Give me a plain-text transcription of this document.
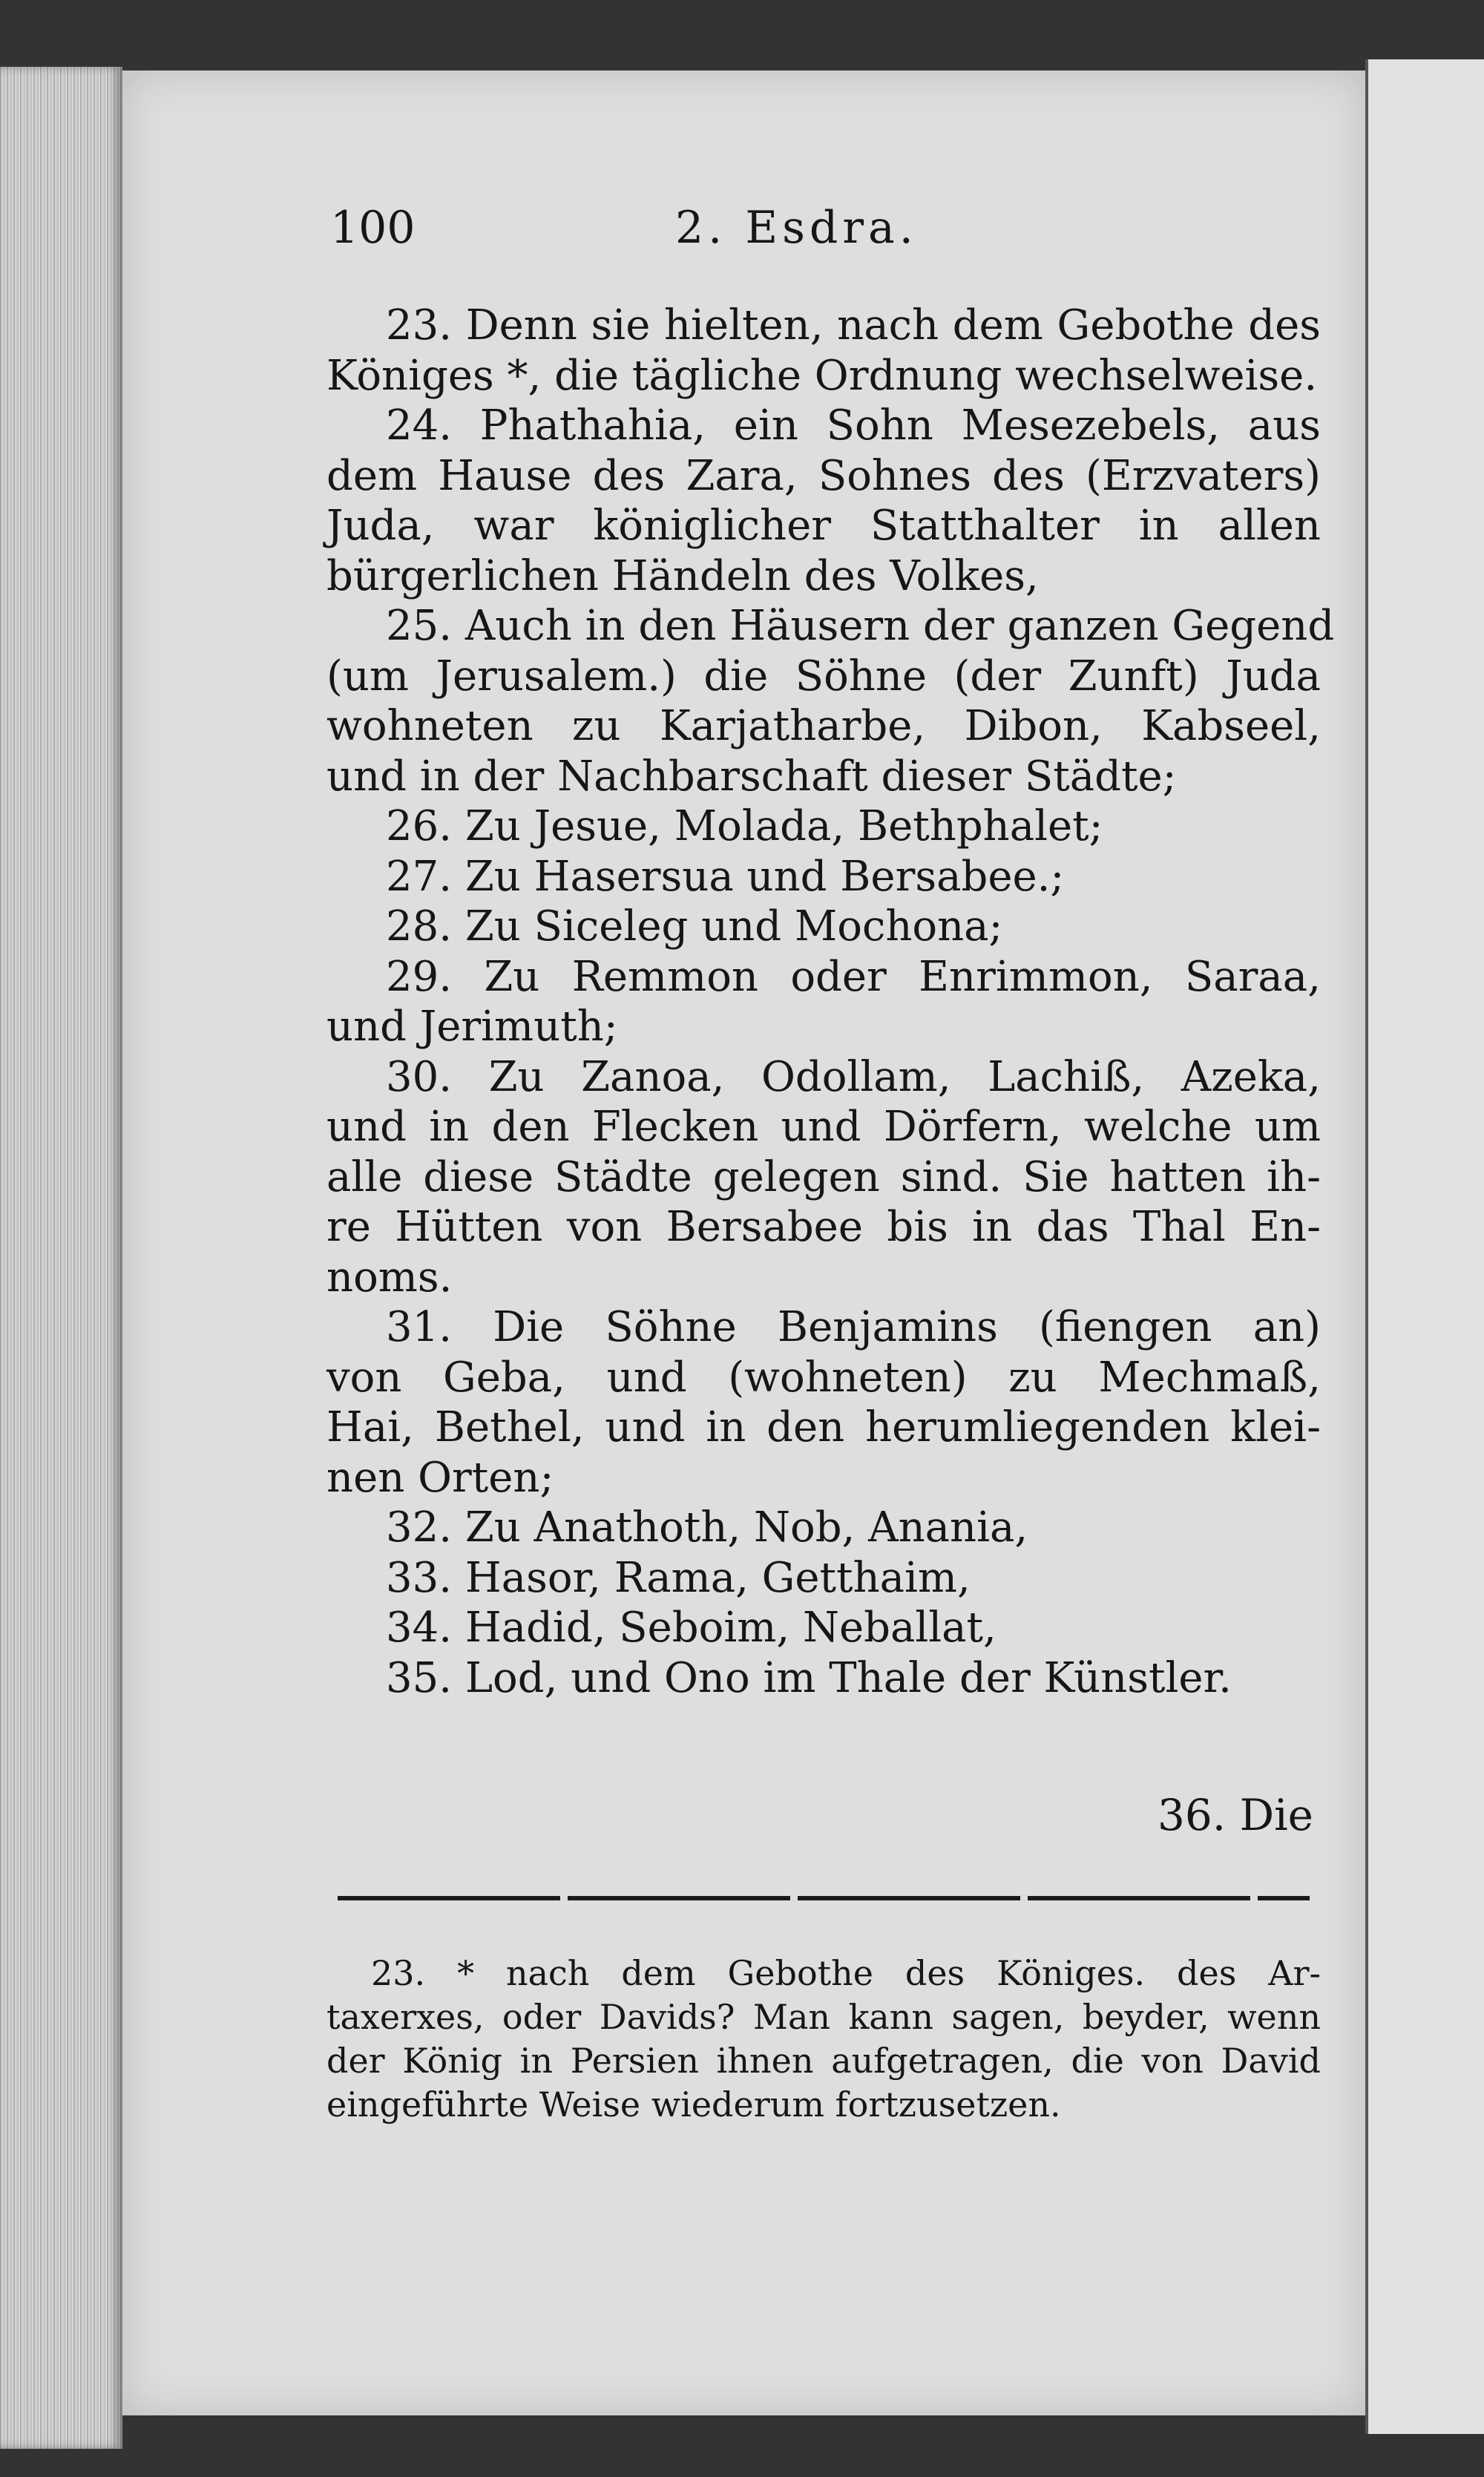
100	2. Esdra.
23. Denn sie hielten, nach dem Gebothe des
Königes *, die tägliche Ordnung wechselweise.
24. Phathahia, ein Sohn Mesezebels, aus
dem Hause des Zara, Sohnes des (Erzvaters)
Juda, war königlicher Statthalter in allen
bürgerlichen Händeln des Volkes,
25. Auch in den Häusern der ganzen Gegend
(um Jerusalem.) die Söhne (der Zunft) Juda
wohneten zu Karjatharbe, Dibon, Kabseel,
und in der Nachbarschaft dieser Städte;
26. Zu Jesue, Molada, Bethphalet;
27. Zu Hasersua und Bersabee.;
28. Zu Siceleg und Mochona;
29. Zu Remmon oder Enrimmon, Saraa,
und Jerimuth;
30. Zu Zanoa, Odollam, Lachiß, Azeka,
und in den Flecken und Dörfern, welche um
alle diese Städte gelegen sind. Sie hatten ih-
re Hütten von Bersabee bis in das Thal En-
noms.
31. Die Söhne Benjamins (fiengen an)
von Geba, und (wohneten) zu Mechmaß,
Hai, Bethel, und in den herumliegenden klei-
nen Orten;
32. Zu Anathoth, Nob, Anania,
33. Hasor, Rama, Getthaim,
34. Hadid, Seboim, Neballat,
35. Lod, und Ono im Thale der Künstler.
36. Die
23. * nach dem Gebothe des Königes. des Ar-
taxerxes, oder Davids? Man kann sagen, beyder, wenn
der König in Persien ihnen aufgetragen, die von David
eingeführte Weise wiederum fortzusetzen.
